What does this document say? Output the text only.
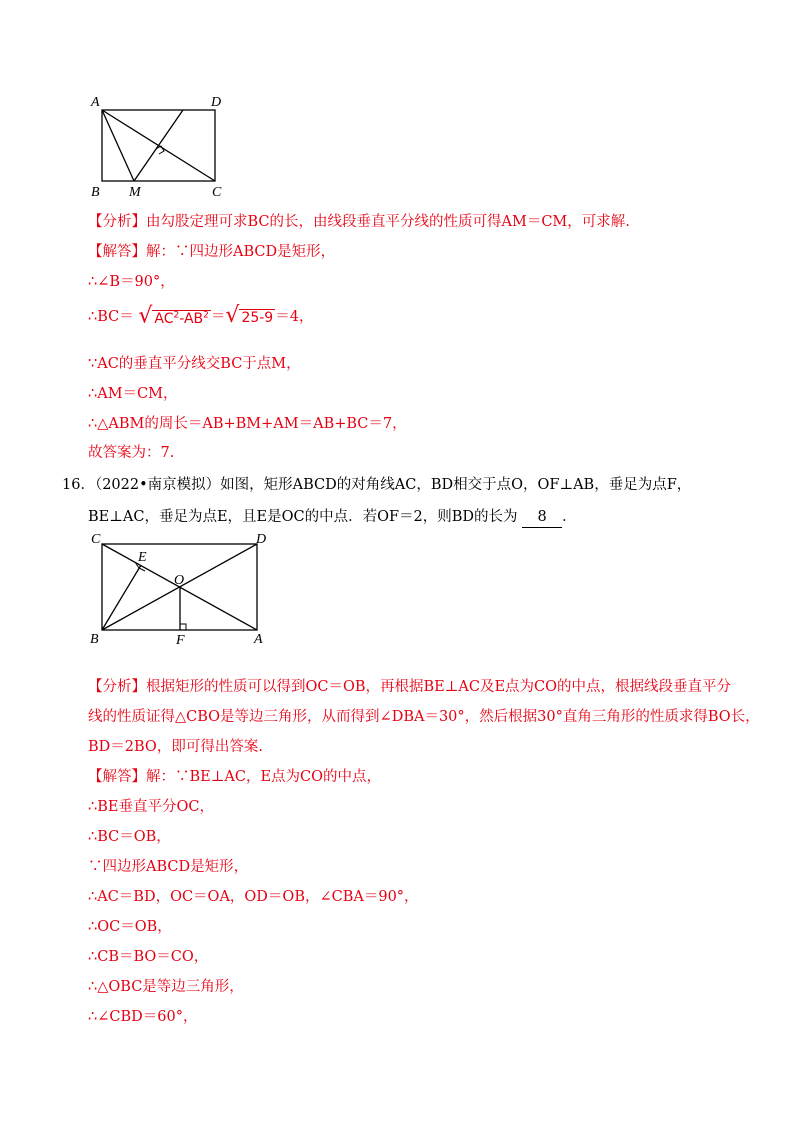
A	D
B M	C
【分析】由勾股定理可求BC的长，由线段垂直平分线的性质可得AM＝CM，可求解.
【解答】解：∵四边形ABCD是矩形，
∴∠B＝90°，
∴BC＝ √ $AC^2-AB^2$ ＝√ 25-9 ＝4，
∵AC的垂直平分线交BC于点M，
∴AM＝CM，
∴△ABM的周长＝AB+BM+AM＝AB+BC＝7，
故答案为：7.
16．（2022•南京模拟）如图，矩形ABCD的对角线AC，BD相交于点O，OF⊥AB，垂足为点F，
BE⊥AC，垂足为点E，且E是OC的中点．若OF＝2，则BD的长为 8 ．
C	D
E
O
B	F	A
【分析】根据矩形的性质可以得到OC＝OB，再根据BE⊥AC及E点为CO的中点，根据线段垂直平分
线的性质证得△CBO是等边三角形，从而得到∠DBA＝30°，然后根据30°直角三角形的性质求得BO长，
BD＝2BO，即可得出答案.
【解答】解：∵BE⊥AC，E点为CO的中点，
∴BE垂直平分OC，
∴BC＝OB，
∵四边形ABCD是矩形，
∴AC＝BD，OC＝OA，OD＝OB，∠CBA＝90°，
∴OC＝OB，
∴CB＝BO＝CO，
∴△OBC是等边三角形，
∴∠CBD＝60°，
